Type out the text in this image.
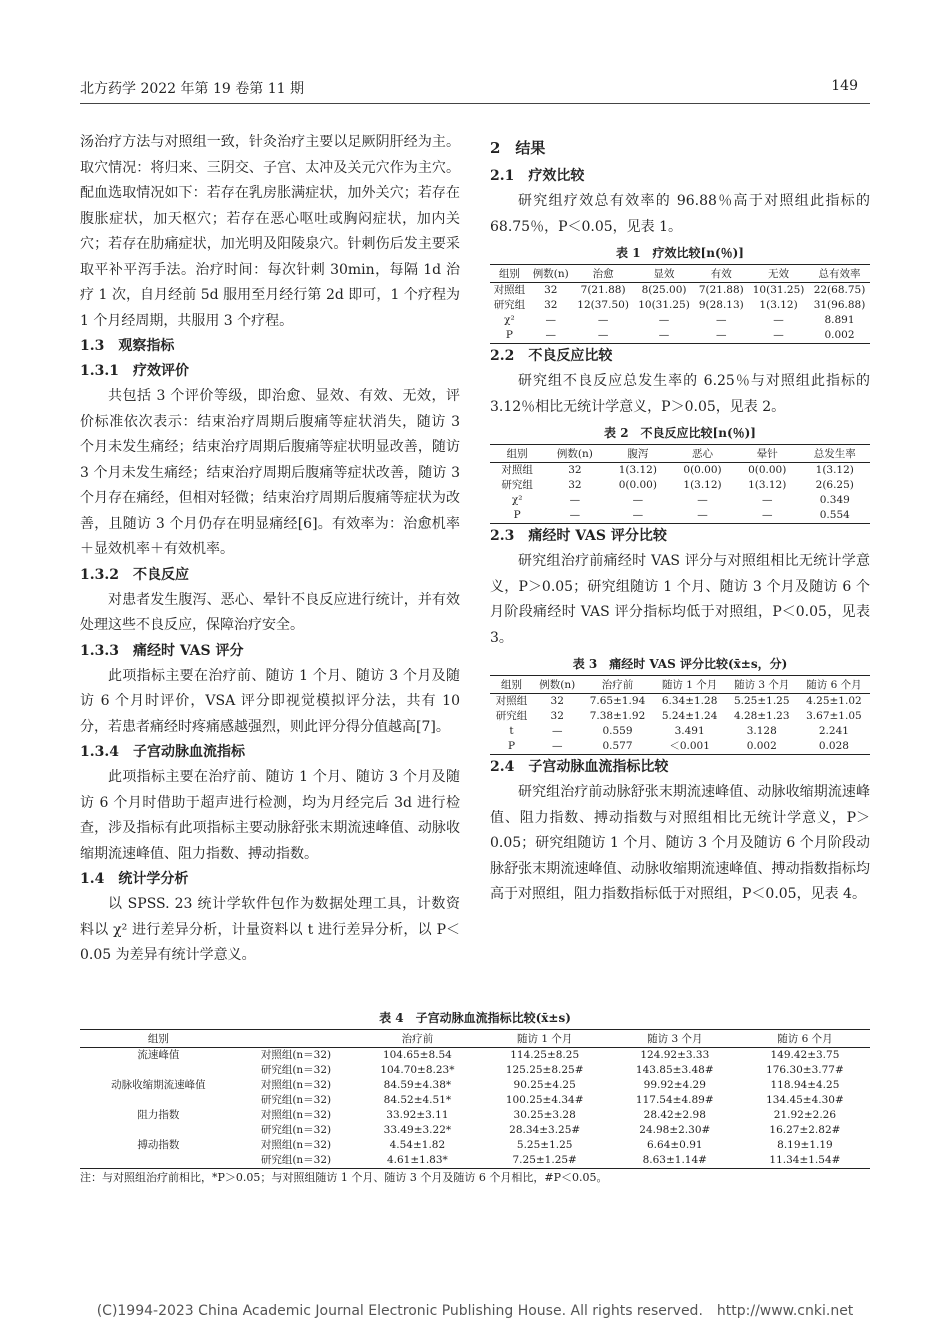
北方药学 2022 年第 19 卷第 11 期	149

汤治疗方法与对照组一致，针灸治疗主要以足厥阴肝经为主。取穴情况：将归来、三阴交、子宫、太冲及关元穴作为主穴。配血选取情况如下：若存在乳房胀满症状，加外关穴；若存在腹胀症状，加天枢穴；若存在恶心呕吐或胸闷症状，加内关穴；若存在肋痛症状，加光明及阳陵泉穴。针刺伤后发主要采取平补平泻手法。治疗时间：每次针刺 30min，每隔 1d 治疗 1 次，自月经前 5d 服用至月经行第 2d 即可，1 个疗程为 1 个月经周期，共服用 3 个疗程。

1.3　观察指标
1.3.1　疗效评价

共包括 3 个评价等级，即治愈、显效、有效、无效，评价标准依次表示：结束治疗周期后腹痛等症状消失，随访 3 个月未发生痛经；结束治疗周期后腹痛等症状明显改善，随访 3 个月未发生痛经；结束治疗周期后腹痛等症状改善，随访 3 个月存在痛经，但相对轻微；结束治疗周期后腹痛等症状为改善，且随访 3 个月仍存在明显痛经[6]。有效率为：治愈机率＋显效机率＋有效机率。

1.3.2　不良反应

对患者发生腹泻、恶心、晕针不良反应进行统计，并有效处理这些不良反应，保障治疗安全。

1.3.3　痛经时 VAS 评分

此项指标主要在治疗前、随访 1 个月、随访 3 个月及随访 6 个月时评价，VSA 评分即视觉模拟评分法，共有 10 分，若患者痛经时疼痛感越强烈，则此评分得分值越高[7]。

1.3.4　子宫动脉血流指标

此项指标主要在治疗前、随访 1 个月、随访 3 个月及随访 6 个月时借助于超声进行检测，均为月经完后 3d 进行检查，涉及指标有此项指标主要动脉舒张末期流速峰值、动脉收缩期流速峰值、阻力指数、搏动指数。

1.4　统计学分析

以 SPSS. 23 统计学软件包作为数据处理工具，计数资料以 χ² 进行差异分析，计量资料以 t 进行差异分析，以 P＜0.05 为差异有统计学意义。

2　结果
2.1　疗效比较

研究组疗效总有效率的 96.88％高于对照组此指标的 68.75％，P＜0.05，见表 1。

表 1　疗效比较[n(％)]
组别	例数(n)	治愈	显效	有效	无效	总有效率
对照组	32	7(21.88)	8(25.00)	7(21.88)	10(31.25)	22(68.75)
研究组	32	12(37.50)	10(31.25)	9(28.13)	1(3.12)	31(96.88)
χ²	—	—	—	—	—	8.891
P	—	—	—	—	—	0.002
2.2　不良反应比较

研究组不良反应总发生率的 6.25％与对照组此指标的 3.12％相比无统计学意义，P＞0.05，见表 2。

表 2　不良反应比较[n(％)]
组别	例数(n)	腹泻	恶心	晕针	总发生率
对照组	32	1(3.12)	0(0.00)	0(0.00)	1(3.12)
研究组	32	0(0.00)	1(3.12)	1(3.12)	2(6.25)
χ²	—	—	—	—	0.349
P	—	—	—	—	0.554
2.3　痛经时 VAS 评分比较

研究组治疗前痛经时 VAS 评分与对照组相比无统计学意义，P＞0.05；研究组随访 1 个月、随访 3 个月及随访 6 个月阶段痛经时 VAS 评分指标均低于对照组，P＜0.05，见表 3。

表 3　痛经时 VAS 评分比较(x̄±s，分)
组别	例数(n)	治疗前	随访 1 个月	随访 3 个月	随访 6 个月
对照组	32	7.65±1.94	6.34±1.28	5.25±1.25	4.25±1.02
研究组	32	7.38±1.92	5.24±1.24	4.28±1.23	3.67±1.05
t	—	0.559	3.491	3.128	2.241
P	—	0.577	＜0.001	0.002	0.028
2.4　子宫动脉血流指标比较

研究组治疗前动脉舒张末期流速峰值、动脉收缩期流速峰值、阻力指数、搏动指数与对照组相比无统计学意义，P＞0.05；研究组随访 1 个月、随访 3 个月及随访 6 个月阶段动脉舒张末期流速峰值、动脉收缩期流速峰值、搏动指数指标均高于对照组，阻力指数指标低于对照组，P＜0.05，见表 4。

表 4　子宫动脉血流指标比较(x̄±s)
组别		治疗前	随访 1 个月	随访 3 个月	随访 6 个月
流速峰值	对照组(n＝32)	104.65±8.54	114.25±8.25	124.92±3.33	149.42±3.75
	研究组(n＝32)	104.70±8.23*	125.25±8.25#	143.85±3.48#	176.30±3.77#
动脉收缩期流速峰值	对照组(n＝32)	84.59±4.38*	90.25±4.25	99.92±4.29	118.94±4.25
	研究组(n＝32)	84.52±4.51*	100.25±4.34#	117.54±4.89#	134.45±4.30#
阻力指数	对照组(n＝32)	33.92±3.11	30.25±3.28	28.42±2.98	21.92±2.26
	研究组(n＝32)	33.49±3.22*	28.34±3.25#	24.98±2.30#	16.27±2.82#
搏动指数	对照组(n＝32)	4.54±1.82	5.25±1.25	6.64±0.91	8.19±1.19
	研究组(n＝32)	4.61±1.83*	7.25±1.25#	8.63±1.14#	11.34±1.54#
注：与对照组治疗前相比，*P＞0.05；与对照组随访 1 个月、随访 3 个月及随访 6 个月相比，#P＜0.05。
(C)1994-2023 China Academic Journal Electronic Publishing House. All rights reserved.　http://www.cnki.net
